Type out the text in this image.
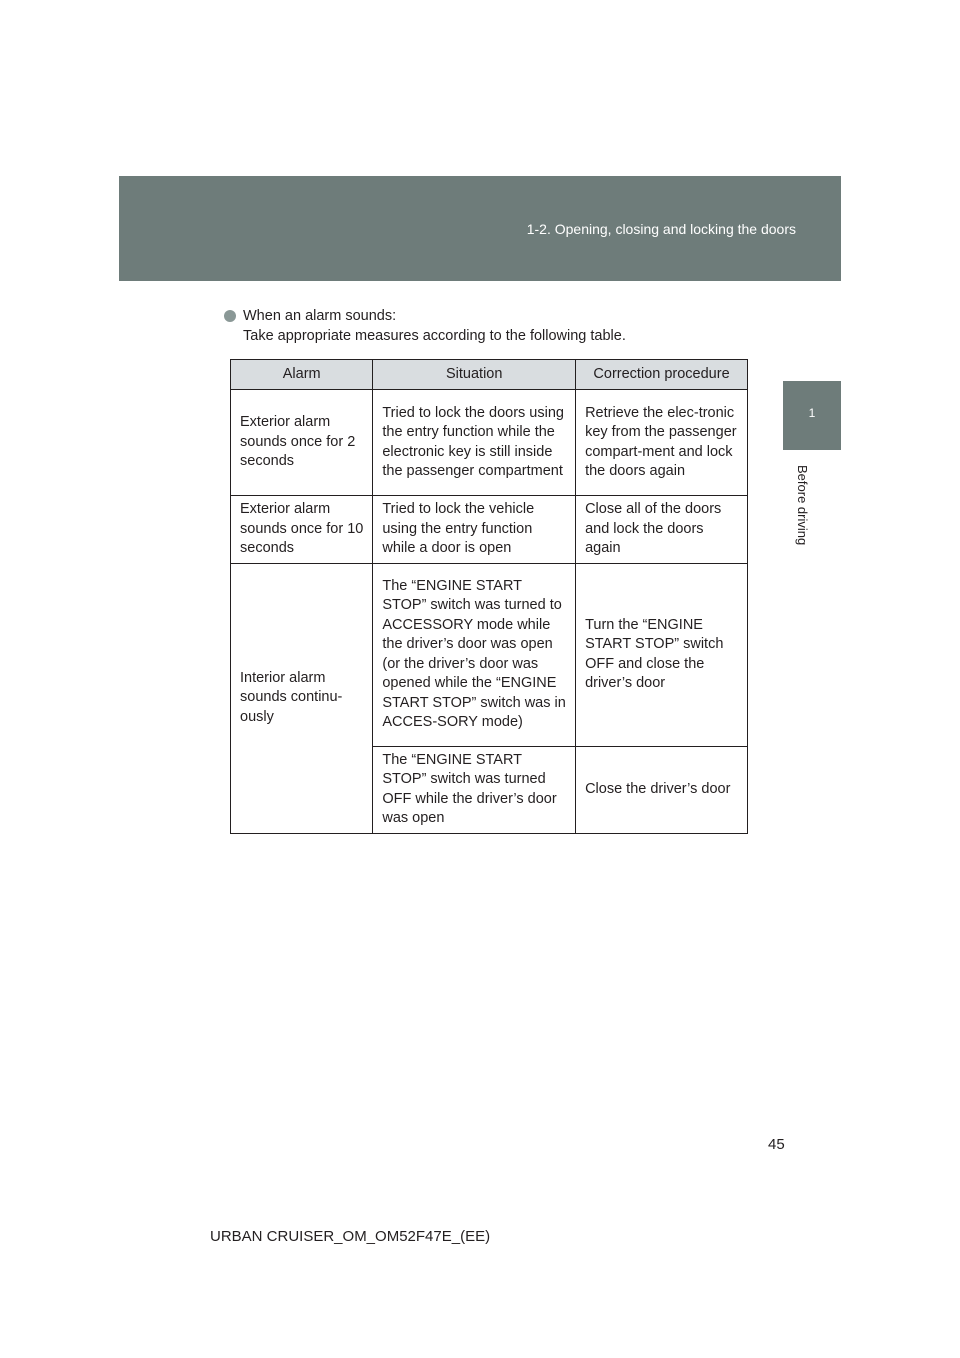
1-2. Opening, closing and locking the doors
1
Before driving
When an alarm sounds:
Take appropriate measures according to the following table.
Alarm	Situation	Correction procedure
Exterior alarm sounds once for 2 seconds	Tried to lock the doors using the entry function while the electronic key is still inside the passenger compartment	Retrieve the elec-tronic key from the passenger compart-ment and lock the doors again
Exterior alarm sounds once for 10 seconds	Tried to lock the vehicle using the entry function while a door is open	Close all of the doors and lock the doors again
Interior alarm sounds continu-ously	The “ENGINE START STOP” switch was turned to ACCESSORY mode while the driver’s door was open (or the driver’s door was opened while the “ENGINE START STOP” switch was in ACCES-SORY mode)	Turn the “ENGINE START STOP” switch OFF and close the driver’s door
	The “ENGINE START STOP” switch was turned OFF while the driver’s door was open	Close the driver’s door
45
URBAN CRUISER_OM_OM52F47E_(EE)
